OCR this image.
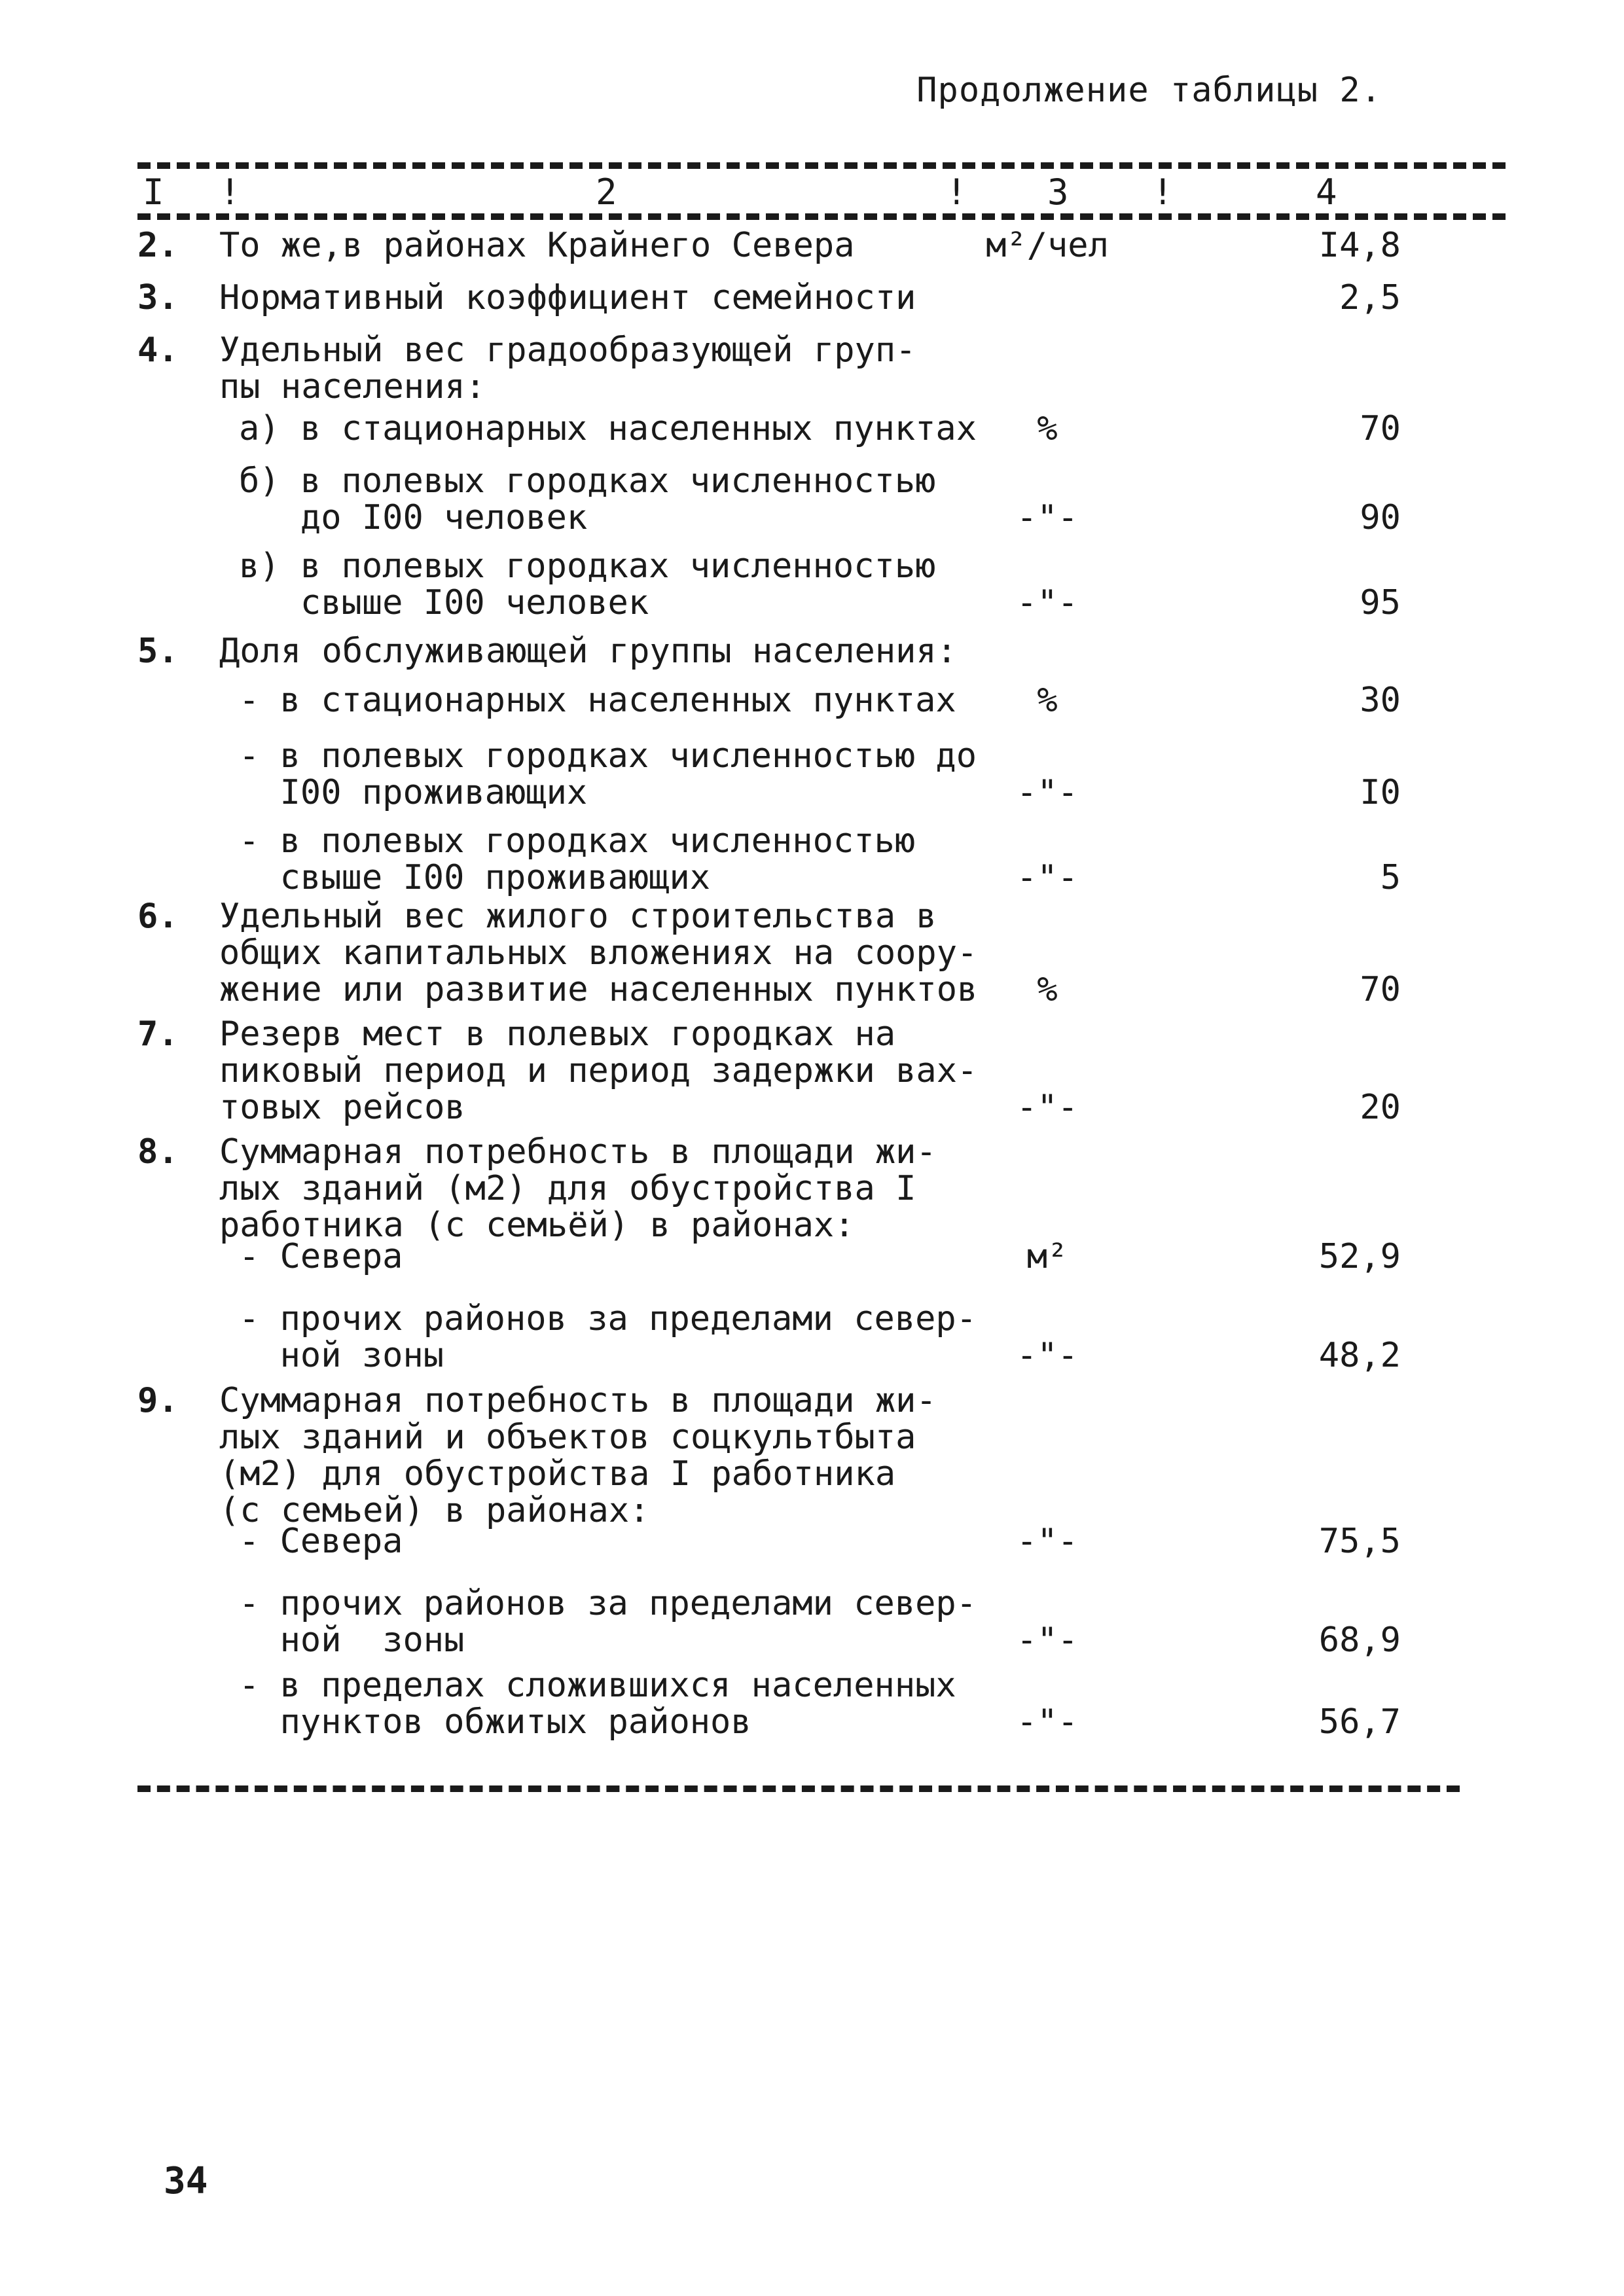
Продолжение таблицы 2.
I !	2	! 3 !	4
2. То же,в районах Крайнего Севера	м²/чел	I4,8
3. Нормативный коэффициент семейности	2,5
4. Удельный вес градообразующей груп-
пы населения:
а) в стационарных населенных пунктах	%	70
б) в полевых городках численностью
до I00 человек	-"-	90
в) в полевых городках численностью
свыше I00 человек	-"-	95
5. Доля обслуживающей группы населения:
- в стационарных населенных пунктах	%	30
- в полевых городках численностью до
I00 проживающих	-"-	I0
- в полевых городках численностью
свыше I00 проживающих	-"-	5
6. Удельный вес жилого строительства в
общих капитальных вложениях на соору-
жение или развитие населенных пунктов	%	70
7. Резерв мест в полевых городках на
пиковый период и период задержки вах-
товых рейсов	-"-	20
8. Суммарная потребность в площади жи-
лых зданий (м2) для обустройства I
работника (с семьёй) в районах:
- Севера	м²	52,9
- прочих районов за пределами север-
ной зоны	-"-	48,2
9. Суммарная потребность в площади жи-
лых зданий и объектов соцкультбыта
(м2) для обустройства I работника
(с семьей) в районах:
- Севера	-"-	75,5
- прочих районов за пределами север-
ной  зоны	-"-	68,9
- в пределах сложившихся населенных
пунктов обжитых районов	-"-	56,7
34
